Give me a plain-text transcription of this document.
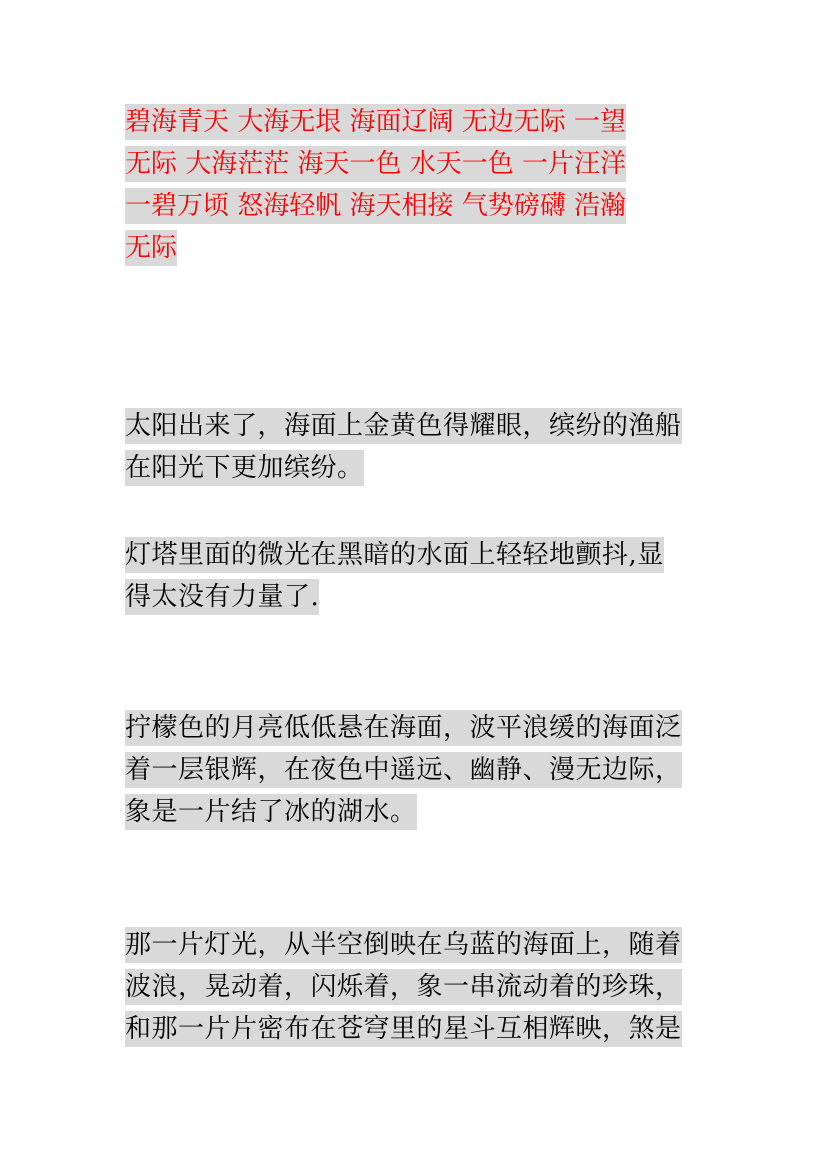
碧海青天 大海无垠 海面辽阔 无边无际 一望
无际 大海茫茫 海天一色 水天一色 一片汪洋
一碧万顷 怒海轻帆 海天相接 气势磅礴 浩瀚
无际
太阳出来了，海面上金黄色得耀眼，缤纷的渔船
在阳光下更加缤纷。
灯塔里面的微光在黑暗的水面上轻轻地颤抖,显
得太没有力量了.
拧檬色的月亮低低悬在海面，波平浪缓的海面泛
着一层银辉，在夜色中遥远、幽静、漫无边际，
象是一片结了冰的湖水。
那一片灯光，从半空倒映在乌蓝的海面上，随着
波浪，晃动着，闪烁着，象一串流动着的珍珠，
和那一片片密布在苍穹里的星斗互相辉映，煞是
